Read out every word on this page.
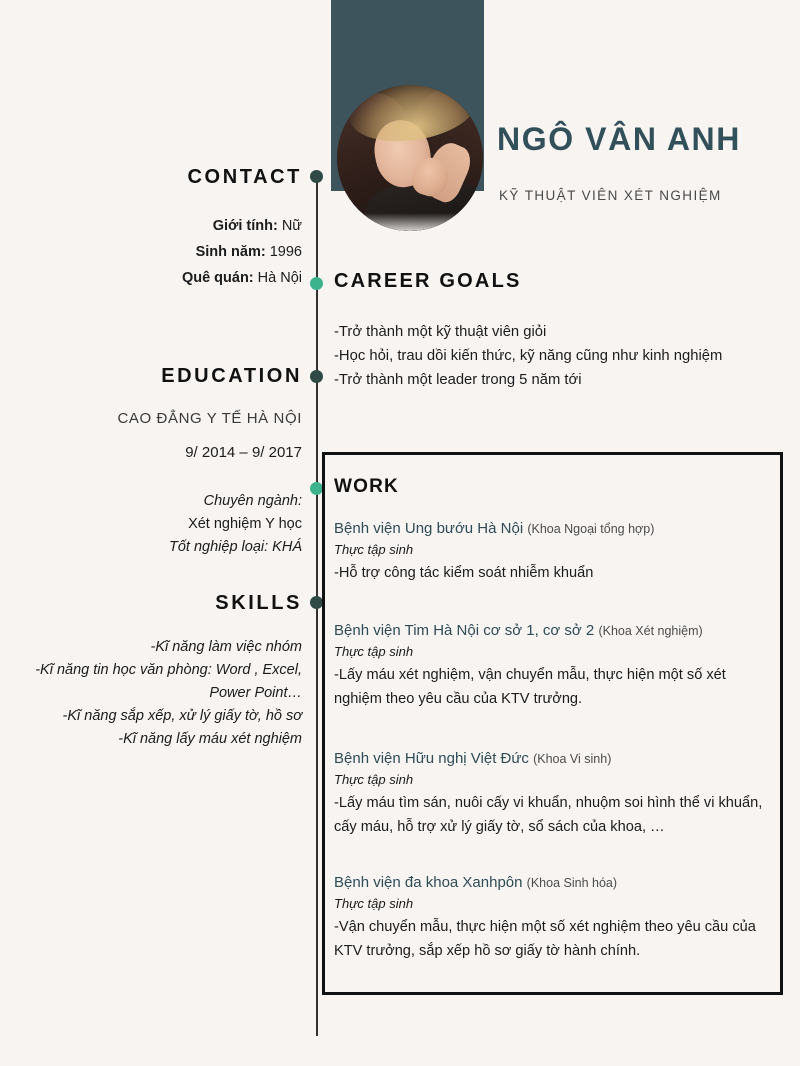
CONTACT
Giới tính: Nữ
Sinh năm: 1996
Quê quán: Hà Nội
EDUCATION
CAO ĐẲNG Y TẾ HÀ NỘI
9/ 2014 – 9/ 2017
Chuyên ngành:
Xét nghiệm Y học
Tốt nghiệp loại: KHÁ
SKILLS
-Kĩ năng làm việc nhóm
-Kĩ năng tin học văn phòng: Word , Excel, Power Point…
-Kĩ năng sắp xếp, xử lý giấy tờ, hồ sơ
-Kĩ năng lấy máu xét nghiệm
NGÔ VÂN ANH
KỸ THUẬT VIÊN XÉT NGHIỆM
CAREER GOALS
-Trở thành một kỹ thuật viên giỏi
-Học hỏi, trau dồi kiến thức, kỹ năng cũng như kinh nghiệm
-Trở thành một leader trong 5 năm tới
WORK
Bệnh viện Ung bướu Hà Nội (Khoa Ngoại tổng hợp)
Thực tập sinh
-Hỗ trợ công tác kiểm soát nhiễm khuẩn
Bệnh viện Tim Hà Nội cơ sở 1, cơ sở 2 (Khoa Xét nghiệm)
Thực tập sinh
-Lấy máu xét nghiệm, vận chuyển mẫu, thực hiện một số xét nghiệm theo yêu cầu của KTV trưởng.
Bệnh viện Hữu nghị Việt Đức (Khoa Vi sinh)
Thực tập sinh
-Lấy máu tìm sán, nuôi cấy vi khuẩn, nhuộm soi hình thể vi khuẩn, cấy máu, hỗ trợ xử lý giấy tờ, sổ sách của khoa, …
Bệnh viện đa khoa Xanhpôn (Khoa Sinh hóa)
Thực tập sinh
-Vận chuyển mẫu, thực hiện một số xét nghiệm theo yêu cầu của KTV trưởng, sắp xếp hồ sơ giấy tờ hành chính.
